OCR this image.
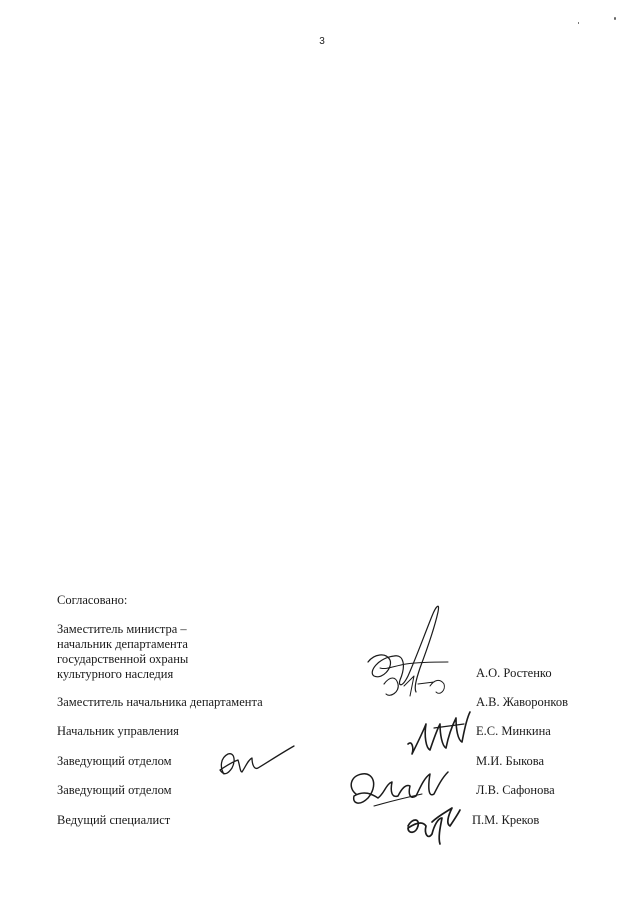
3
Согласовано:
Заместитель министра –
начальник департамента
государственной охраны
культурного наследия	А.О. Ростенко
Заместитель начальника департамента	А.В. Жаворонков
Начальник управления	Е.С. Минкина
Заведующий отделом	М.И. Быкова
Заведующий отделом	Л.В. Сафонова
Ведущий специалист	П.М. Креков
